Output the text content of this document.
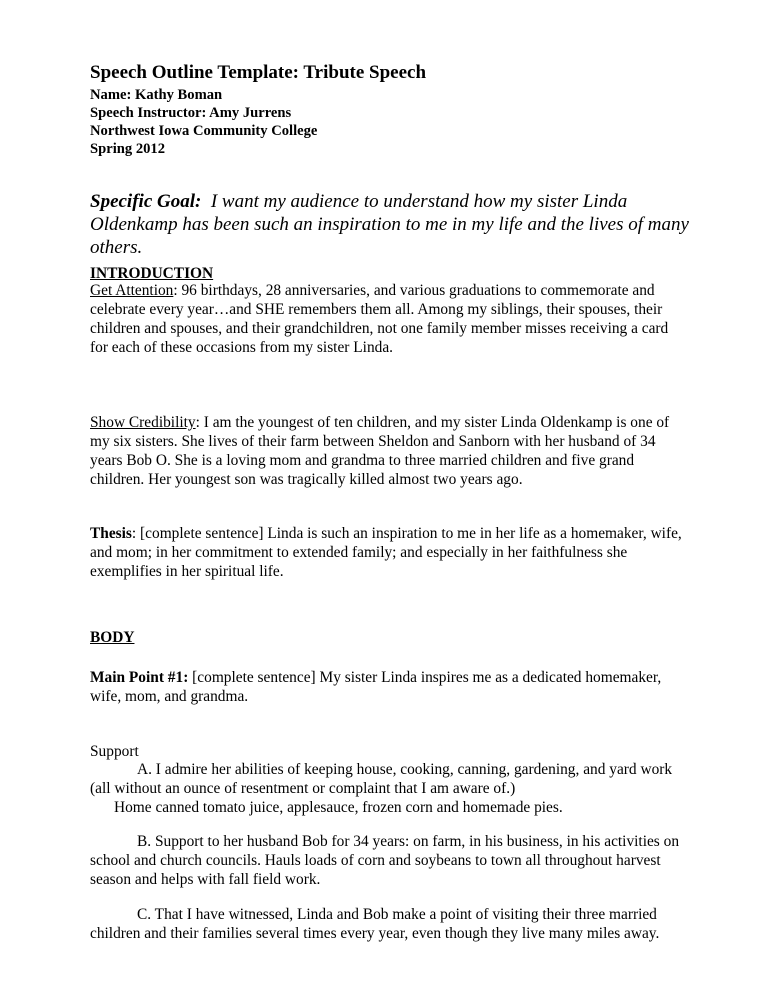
Speech Outline Template: Tribute Speech
Name: Kathy Boman
Speech Instructor: Amy Jurrens
Northwest Iowa Community College
Spring 2012
Specific Goal: I want my audience to understand how my sister Linda Oldenkamp has been such an inspiration to me in my life and the lives of many others.
INTRODUCTION
Get Attention: 96 birthdays, 28 anniversaries, and various graduations to commemorate and celebrate every year…and SHE remembers them all. Among my siblings, their spouses, their children and spouses, and their grandchildren, not one family member misses receiving a card for each of these occasions from my sister Linda.
Show Credibility: I am the youngest of ten children, and my sister Linda Oldenkamp is one of my six sisters. She lives of their farm between Sheldon and Sanborn with her husband of 34 years Bob O. She is a loving mom and grandma to three married children and five grand children. Her youngest son was tragically killed almost two years ago.
Thesis: [complete sentence] Linda is such an inspiration to me in her life as a homemaker, wife, and mom; in her commitment to extended family; and especially in her faithfulness she exemplifies in her spiritual life.
BODY
Main Point #1: [complete sentence] My sister Linda inspires me as a dedicated homemaker, wife, mom, and grandma.
Support
A. I admire her abilities of keeping house, cooking, canning, gardening, and yard work (all without an ounce of resentment or complaint that I am aware of.)
Home canned tomato juice, applesauce, frozen corn and homemade pies.
B. Support to her husband Bob for 34 years: on farm, in his business, in his activities on school and church councils. Hauls loads of corn and soybeans to town all throughout harvest season and helps with fall field work.
C. That I have witnessed, Linda and Bob make a point of visiting their three married children and their families several times every year, even though they live many miles away.
